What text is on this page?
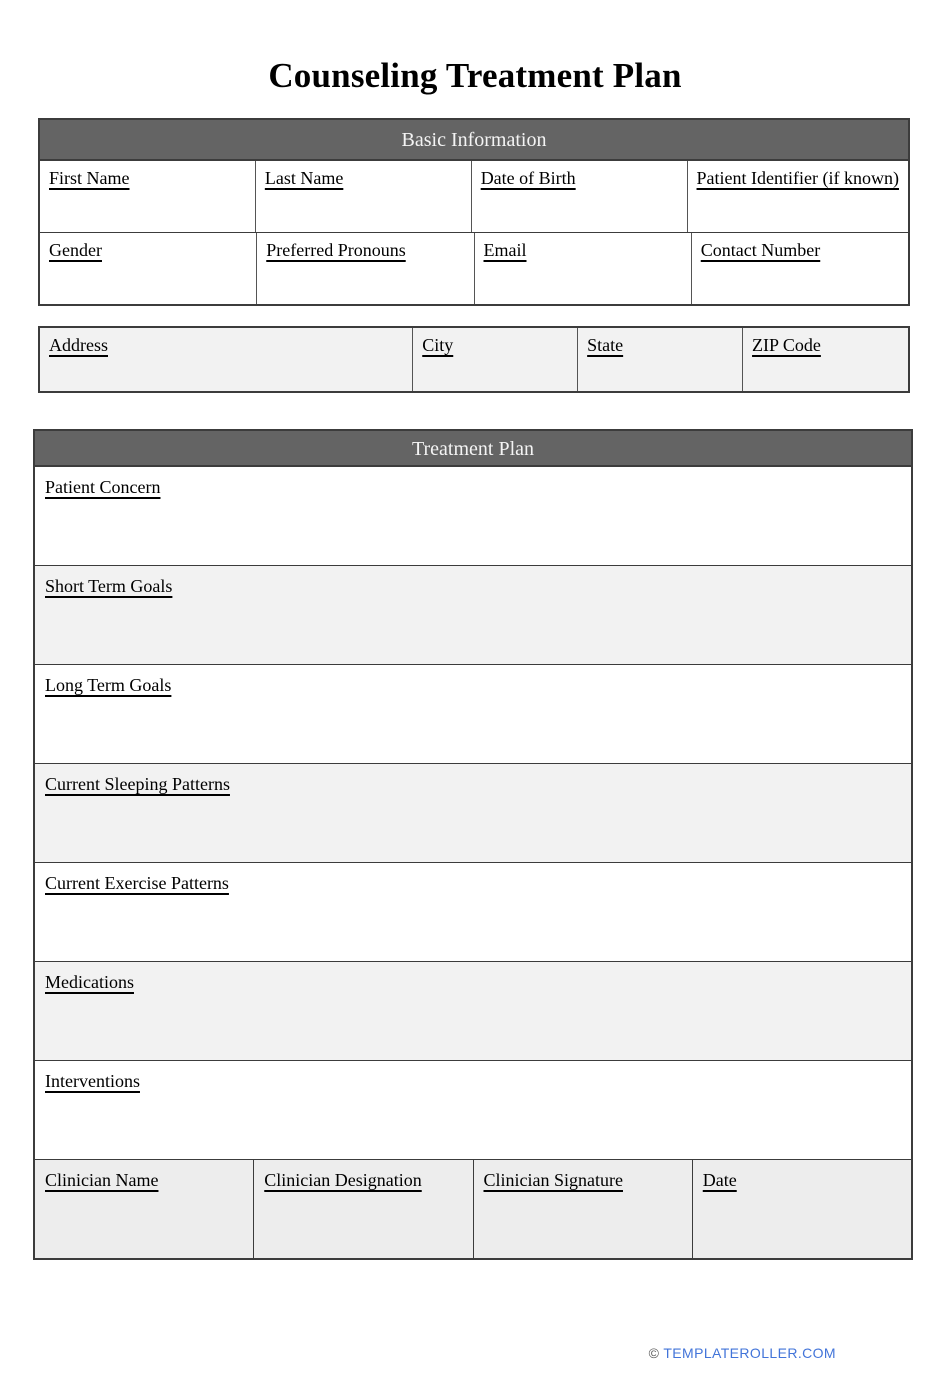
Counseling Treatment Plan
Basic Information
First Name	Last Name	Date of Birth	Patient Identifier (if known)
Gender	Preferred Pronouns	Email	Contact Number
Address	City	State	ZIP Code
Treatment Plan
Patient Concern
Short Term Goals
Long Term Goals
Current Sleeping Patterns
Current Exercise Patterns
Medications
Interventions
Clinician Name	Clinician Designation	Clinician Signature	Date
© TEMPLATEROLLER.COM
